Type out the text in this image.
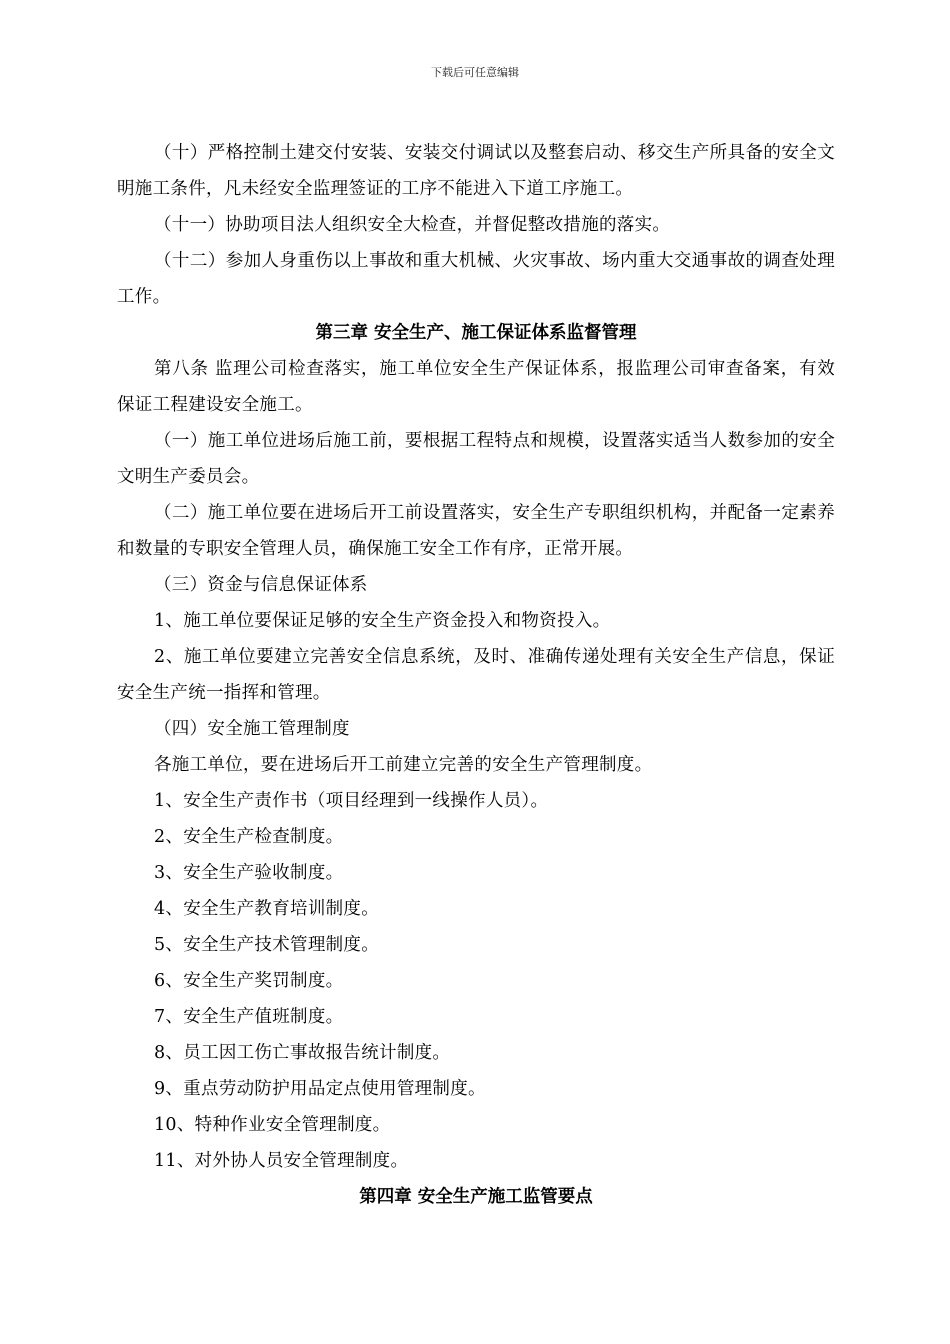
下载后可任意编辑

（十）严格控制土建交付安装、安装交付调试以及整套启动、移交生产所具备的安全文明施工条件，凡未经安全监理签证的工序不能进入下道工序施工。

（十一）协助项目法人组织安全大检查，并督促整改措施的落实。

（十二）参加人身重伤以上事故和重大机械、火灾事故、场内重大交通事故的调查处理工作。

第三章 安全生产、施工保证体系监督管理

第八条 监理公司检查落实，施工单位安全生产保证体系，报监理公司审查备案，有效保证工程建设安全施工。

（一）施工单位进场后施工前，要根据工程特点和规模，设置落实适当人数参加的安全文明生产委员会。

（二）施工单位要在进场后开工前设置落实，安全生产专职组织机构，并配备一定素养和数量的专职安全管理人员，确保施工安全工作有序，正常开展。

（三）资金与信息保证体系

1、施工单位要保证足够的安全生产资金投入和物资投入。

2、施工单位要建立完善安全信息系统，及时、准确传递处理有关安全生产信息，保证安全生产统一指挥和管理。

（四）安全施工管理制度

各施工单位，要在进场后开工前建立完善的安全生产管理制度。

1、安全生产责作书（项目经理到一线操作人员）。

2、安全生产检查制度。

3、安全生产验收制度。

4、安全生产教育培训制度。

5、安全生产技术管理制度。

6、安全生产奖罚制度。

7、安全生产值班制度。

8、员工因工伤亡事故报告统计制度。

9、重点劳动防护用品定点使用管理制度。

10、特种作业安全管理制度。

11、对外协人员安全管理制度。

第四章 安全生产施工监管要点
